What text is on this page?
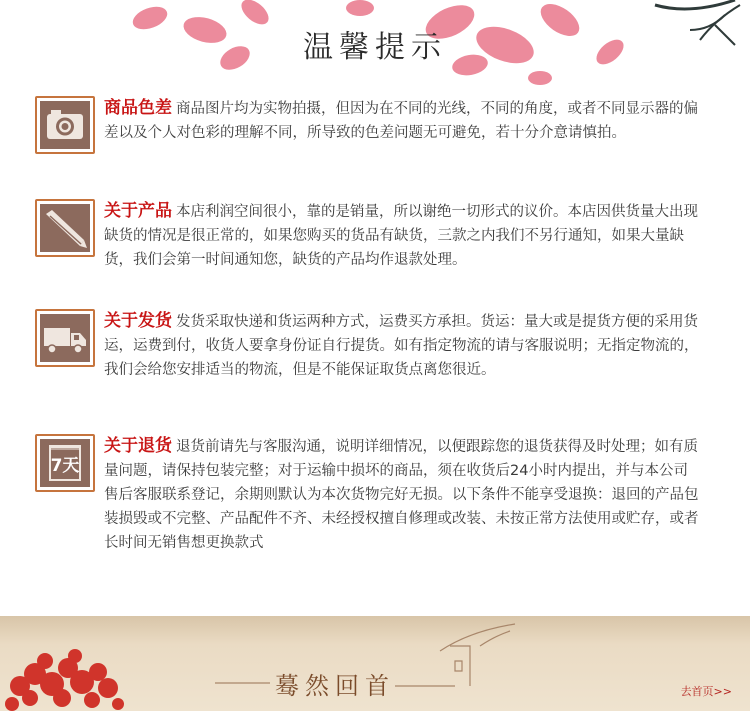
温馨提示
商品色差 商品图片均为实物拍摄，但因为在不同的光线，不同的角度，或者不同显示器的偏差以及个人对色彩的理解不同，所导致的色差问题无可避免，若十分介意请慎拍。
关于产品 本店利润空间很小，靠的是销量，所以谢绝一切形式的议价。本店因供货量大出现缺货的情况是很正常的，如果您购买的货品有缺货，三款之内我们不另行通知，如果大量缺货，我们会第一时间通知您，缺货的产品均作退款处理。
关于发货 发货采取快递和货运两种方式，运费买方承担。货运：量大或是提货方便的采用货运，运费到付，收货人要拿身份证自行提货。如有指定物流的请与客服说明；无指定物流的，我们会给您安排适当的物流，但是不能保证取货点离您很近。
7天
关于退货 退货前请先与客服沟通，说明详细情况，以便跟踪您的退货获得及时处理；如有质量问题，请保持包装完整；对于运输中损坏的商品，须在收货后24小时内提出，并与本公司售后客服联系登记，余期则默认为本次货物完好无损。以下条件不能享受退换：退回的产品包装损毁或不完整、产品配件不齐、未经授权擅自修理或改装、未按正常方法使用或贮存，或者长时间无销售想更换款式
蓦然回首	去首页>>
